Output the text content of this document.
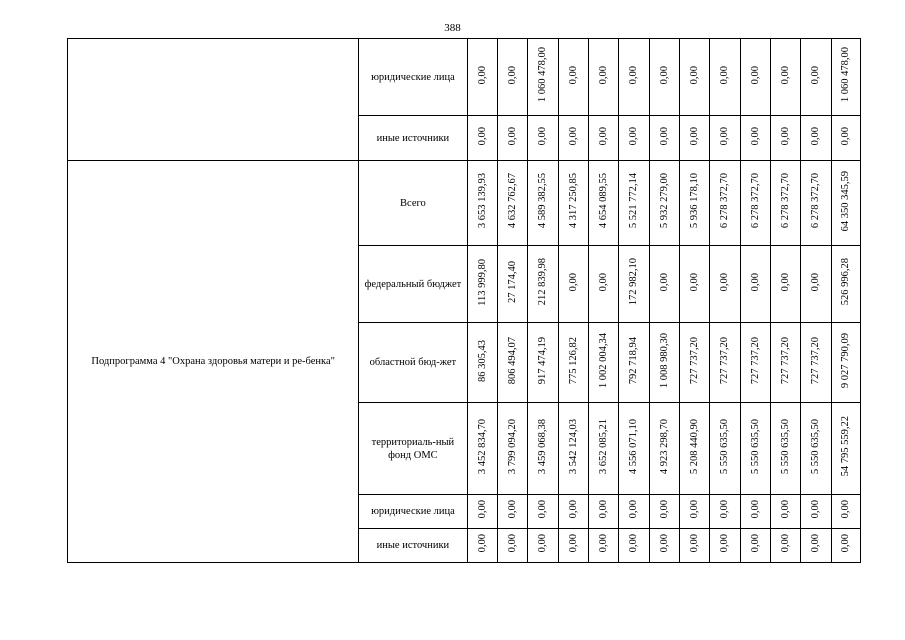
388
	юридические лица	0,00	0,00	1 060 478,00	0,00	0,00	0,00	0,00	0,00	0,00	0,00	0,00	0,00	1 060 478,00
	иные источники	0,00	0,00	0,00	0,00	0,00	0,00	0,00	0,00	0,00	0,00	0,00	0,00	0,00
Подпрограмма 4 "Охрана здоровья матери и ре-бенка"	Всего	3 653 139,93	4 632 762,67	4 589 382,55	4 317 250,85	4 654 089,55	5 521 772,14	5 932 279,00	5 936 178,10	6 278 372,70	6 278 372,70	6 278 372,70	6 278 372,70	64 350 345,59
	федеральный бюджет	113 999,80	27 174,40	212 839,98	0,00	0,00	172 982,10	0,00	0,00	0,00	0,00	0,00	0,00	526 996,28
	областной бюд-жет	86 305,43	806 494,07	917 474,19	775 126,82	1 002 004,34	792 718,94	1 008 980,30	727 737,20	727 737,20	727 737,20	727 737,20	727 737,20	9 027 790,09
	территориаль-ный фонд ОМС	3 452 834,70	3 799 094,20	3 459 068,38	3 542 124,03	3 652 085,21	4 556 071,10	4 923 298,70	5 208 440,90	5 550 635,50	5 550 635,50	5 550 635,50	5 550 635,50	54 795 559,22
	юридические лица	0,00	0,00	0,00	0,00	0,00	0,00	0,00	0,00	0,00	0,00	0,00	0,00	0,00
	иные источники	0,00	0,00	0,00	0,00	0,00	0,00	0,00	0,00	0,00	0,00	0,00	0,00	0,00
